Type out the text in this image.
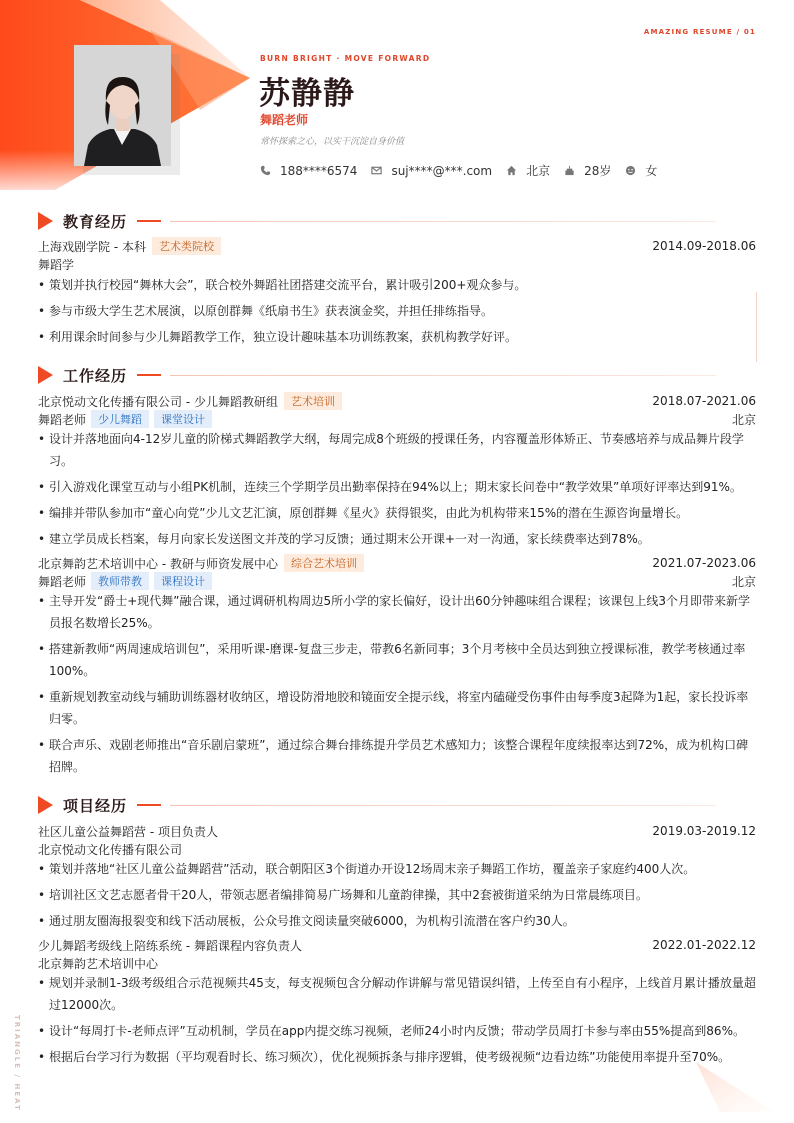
AMAZING RESUME / 01
BURN BRIGHT · MOVE FORWARD
苏静静
舞蹈老师
常怀探索之心，以实干沉淀自身价值
188****6574	suj****@***.com	北京	28岁	女
TRIANGLE / HEAT
教育经历
上海戏剧学院 - 本科	艺术类院校	2014.09-2018.06
舞蹈学
• 策划并执行校园“舞林大会”，联合校外舞蹈社团搭建交流平台，累计吸引200+观众参与。
• 参与市级大学生艺术展演，以原创群舞《纸扇书生》获表演金奖，并担任排练指导。
• 利用课余时间参与少儿舞蹈教学工作，独立设计趣味基本功训练教案，获机构教学好评。
工作经历
北京悦动文化传播有限公司 - 少儿舞蹈教研组	艺术培训	2018.07-2021.06
舞蹈老师	少儿舞蹈	课堂设计	北京
• 设计并落地面向4-12岁儿童的阶梯式舞蹈教学大纲，每周完成8个班级的授课任务，内容覆盖形体矫正、节奏感培养与成品舞片段学习。
• 引入游戏化课堂互动与小组PK机制，连续三个学期学员出勤率保持在94%以上；期末家长问卷中“教学效果”单项好评率达到91%。
• 编排并带队参加市“童心向党”少儿文艺汇演，原创群舞《星火》获得银奖，由此为机构带来15%的潜在生源咨询量增长。
• 建立学员成长档案，每月向家长发送图文并茂的学习反馈；通过期末公开课+一对一沟通，家长续费率达到78%。
北京舞韵艺术培训中心 - 教研与师资发展中心	综合艺术培训	2021.07-2023.06
舞蹈老师	教师带教	课程设计	北京
• 主导开发“爵士+现代舞”融合课，通过调研机构周边5所小学的家长偏好，设计出60分钟趣味组合课程；该课包上线3个月即带来新学员报名数增长25%。
• 搭建新教师“两周速成培训包”，采用听课-磨课-复盘三步走，带教6名新同事；3个月考核中全员达到独立授课标准，教学考核通过率100%。
• 重新规划教室动线与辅助训练器材收纳区，增设防滑地胶和镜面安全提示线，将室内磕碰受伤事件由每季度3起降为1起，家长投诉率归零。
• 联合声乐、戏剧老师推出“音乐剧启蒙班”，通过综合舞台排练提升学员艺术感知力；该整合课程年度续报率达到72%，成为机构口碑招牌。
项目经历
社区儿童公益舞蹈营 - 项目负责人	2019.03-2019.12
北京悦动文化传播有限公司
• 策划并落地“社区儿童公益舞蹈营”活动，联合朝阳区3个街道办开设12场周末亲子舞蹈工作坊，覆盖亲子家庭约400人次。
• 培训社区文艺志愿者骨干20人，带领志愿者编排简易广场舞和儿童韵律操，其中2套被街道采纳为日常晨练项目。
• 通过朋友圈海报裂变和线下活动展板，公众号推文阅读量突破6000，为机构引流潜在客户约30人。
少儿舞蹈考级线上陪练系统 - 舞蹈课程内容负责人	2022.01-2022.12
北京舞韵艺术培训中心
• 规划并录制1-3级考级组合示范视频共45支，每支视频包含分解动作讲解与常见错误纠错，上传至自有小程序，上线首月累计播放量超过12000次。
• 设计“每周打卡-老师点评”互动机制，学员在app内提交练习视频，老师24小时内反馈；带动学员周打卡参与率由55%提高到86%。
• 根据后台学习行为数据（平均观看时长、练习频次），优化视频拆条与排序逻辑，使考级视频“边看边练”功能使用率提升至70%。
